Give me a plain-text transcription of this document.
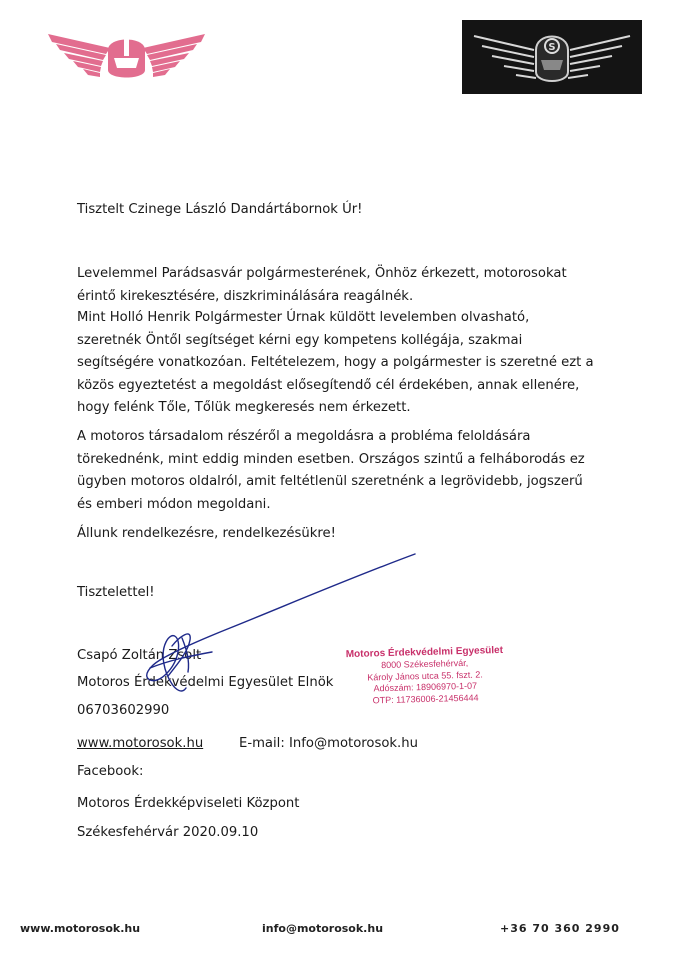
S

Tisztelt Czinege László Dandártábornok Úr!

Levelemmel Parádsasvár polgármesterének, Önhöz érkezett, motorosokat érintő kirekesztésére, diszkriminálására reagálnék.

Mint Holló Henrik Polgármester Úrnak küldött levelemben olvasható, szeretnék Öntől segítséget kérni egy kompetens kollégája, szakmai segítségére vonatkozóan. Feltételezem, hogy a polgármester is szeretné ezt a közös egyeztetést a megoldást elősegítendő cél érdekében, annak ellenére, hogy felénk Tőle, Tőlük megkeresés nem érkezett.

A motoros társadalom részéről a megoldásra a probléma feloldására törekednénk, mint eddig minden esetben. Országos szintű a felháborodás ez ügyben motoros oldalról, amit feltétlenül szeretnénk a legrövidebb, jogszerű és emberi módon megoldani.

Állunk rendelkezésre, rendelkezésükre!

Tisztelettel!

Csapó Zoltán Zsolt
Motoros Érdekvédelmi Egyesület Elnök
06703602990
www.motorosok.hu	E-mail: Info@motorosok.hu
Facebook:
Motoros Érdekképviseleti Központ
Székesfehérvár 2020.09.10
Motoros Érdekvédelmi Egyesület
8000 Székesfehérvár,
Károly János utca 55. fszt. 2.
Adószám: 18906970-1-07
OTP: 11736006-21456444
www.motorosok.hu	info@motorosok.hu	+36 70 360 2990
